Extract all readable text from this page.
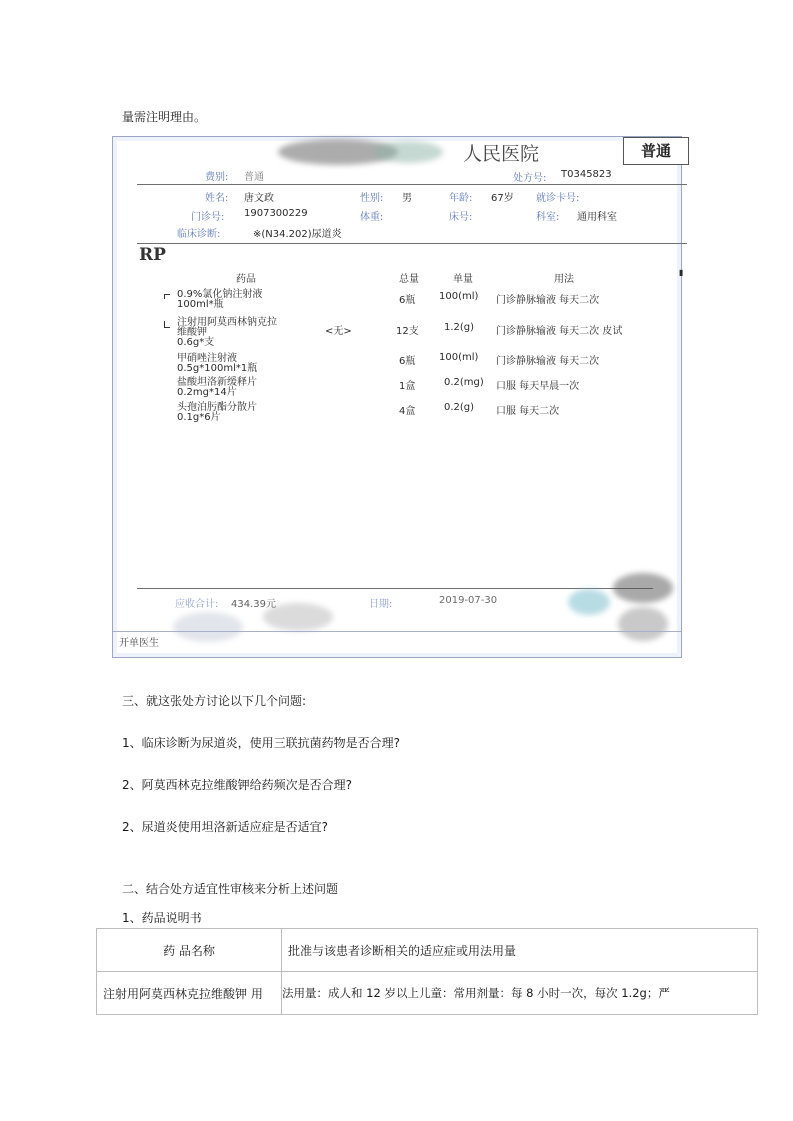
量需注明理由。
人民医院	普通
费别: 普通	处方号: T0345823
姓名: 唐文政	性别: 男	年龄: 67岁 就诊卡号:
门诊号: 1907300229	体重:	床号:	科室: 通用科室
临床诊断:	※(N34.202)尿道炎
RP
药品	总量	单量	用法
▮
0.9%氯化钠注射液
100ml*瓶	6瓶 100(ml) 门诊静脉输液 每天二次
注射用阿莫西林钠克拉
维酸钾
0.6g*支
<无>	12支	1.2(g) 门诊静脉输液 每天二次 皮试
甲硝唑注射液
0.5g*100ml*1瓶
6瓶 100(ml) 门诊静脉输液 每天二次
盐酸坦洛新缓释片
0.2mg*14片
1盒	0.2(mg) 口服 每天早晨一次
头孢泊肟酯分散片
0.1g*6片
4盒	0.2(g) 口服 每天二次
应收合计: 434.39元	日期:	2019-07-30
开单医生
三、就这张处方讨论以下几个问题:
1、临床诊断为尿道炎，使用三联抗菌药物是否合理?
2、阿莫西林克拉维酸钾给药频次是否合理?
2、尿道炎使用坦洛新适应症是否适宜?
二、结合处方适宜性审核来分析上述问题
1、药品说明书
药 品名称	批准与该患者诊断相关的适应症或用法用量
注射用阿莫西林克拉维酸钾 用	法用量：成人和 12 岁以上儿童：常用剂量：每 8 小时一次，每次 1.2g；严
